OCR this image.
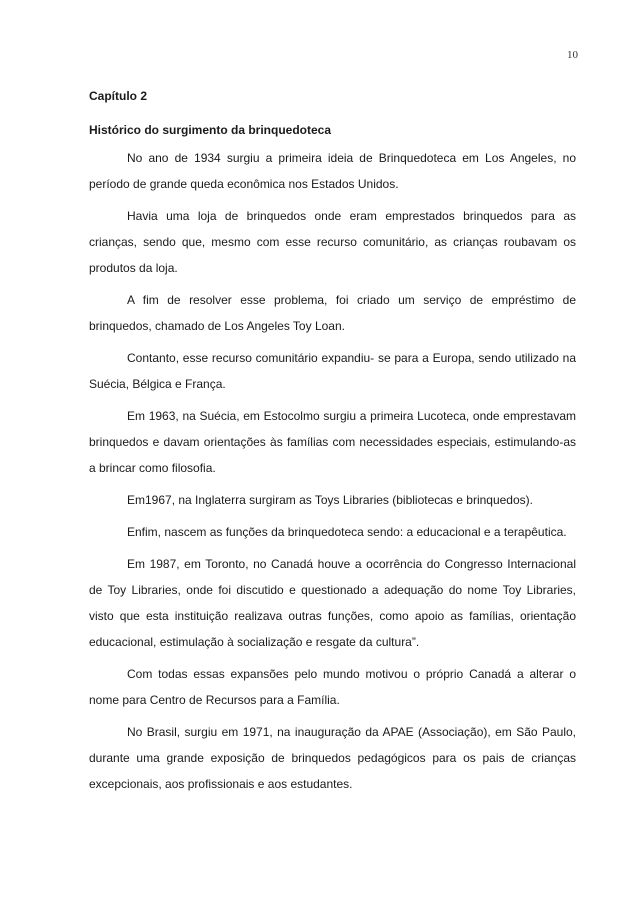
10
Capítulo 2
Histórico do surgimento da brinquedoteca

No ano de 1934 surgiu a primeira ideia de Brinquedoteca em Los Angeles, no período de grande queda econômica nos Estados Unidos.

Havia uma loja de brinquedos onde eram emprestados brinquedos para as crianças, sendo que, mesmo com esse recurso comunitário, as crianças roubavam os produtos da loja.

A fim de resolver esse problema, foi criado um serviço de empréstimo de brinquedos, chamado de Los Angeles Toy Loan.

Contanto, esse recurso comunitário expandiu- se para a Europa, sendo utilizado na Suécia, Bélgica e França.

Em 1963, na Suécia, em Estocolmo surgiu a primeira Lucoteca, onde emprestavam brinquedos e davam orientações às famílias com necessidades especiais, estimulando-as a brincar como filosofia.

Em1967, na Inglaterra surgiram as Toys Libraries (bibliotecas e brinquedos).

Enfim, nascem as funções da brinquedoteca sendo: a educacional e a terapêutica.

Em 1987, em Toronto, no Canadá houve a ocorrência do Congresso Internacional de Toy Libraries, onde foi discutido e questionado a adequação do nome Toy Libraries, visto que esta instituição realizava outras funções, como apoio as famílias, orientação educacional, estimulação à socialização e resgate da cultura”.

Com todas essas expansões pelo mundo motivou o próprio Canadá a alterar o nome para Centro de Recursos para a Família.

No Brasil, surgiu em 1971, na inauguração da APAE (Associação), em São Paulo, durante uma grande exposição de brinquedos pedagógicos para os pais de crianças excepcionais, aos profissionais e aos estudantes.
